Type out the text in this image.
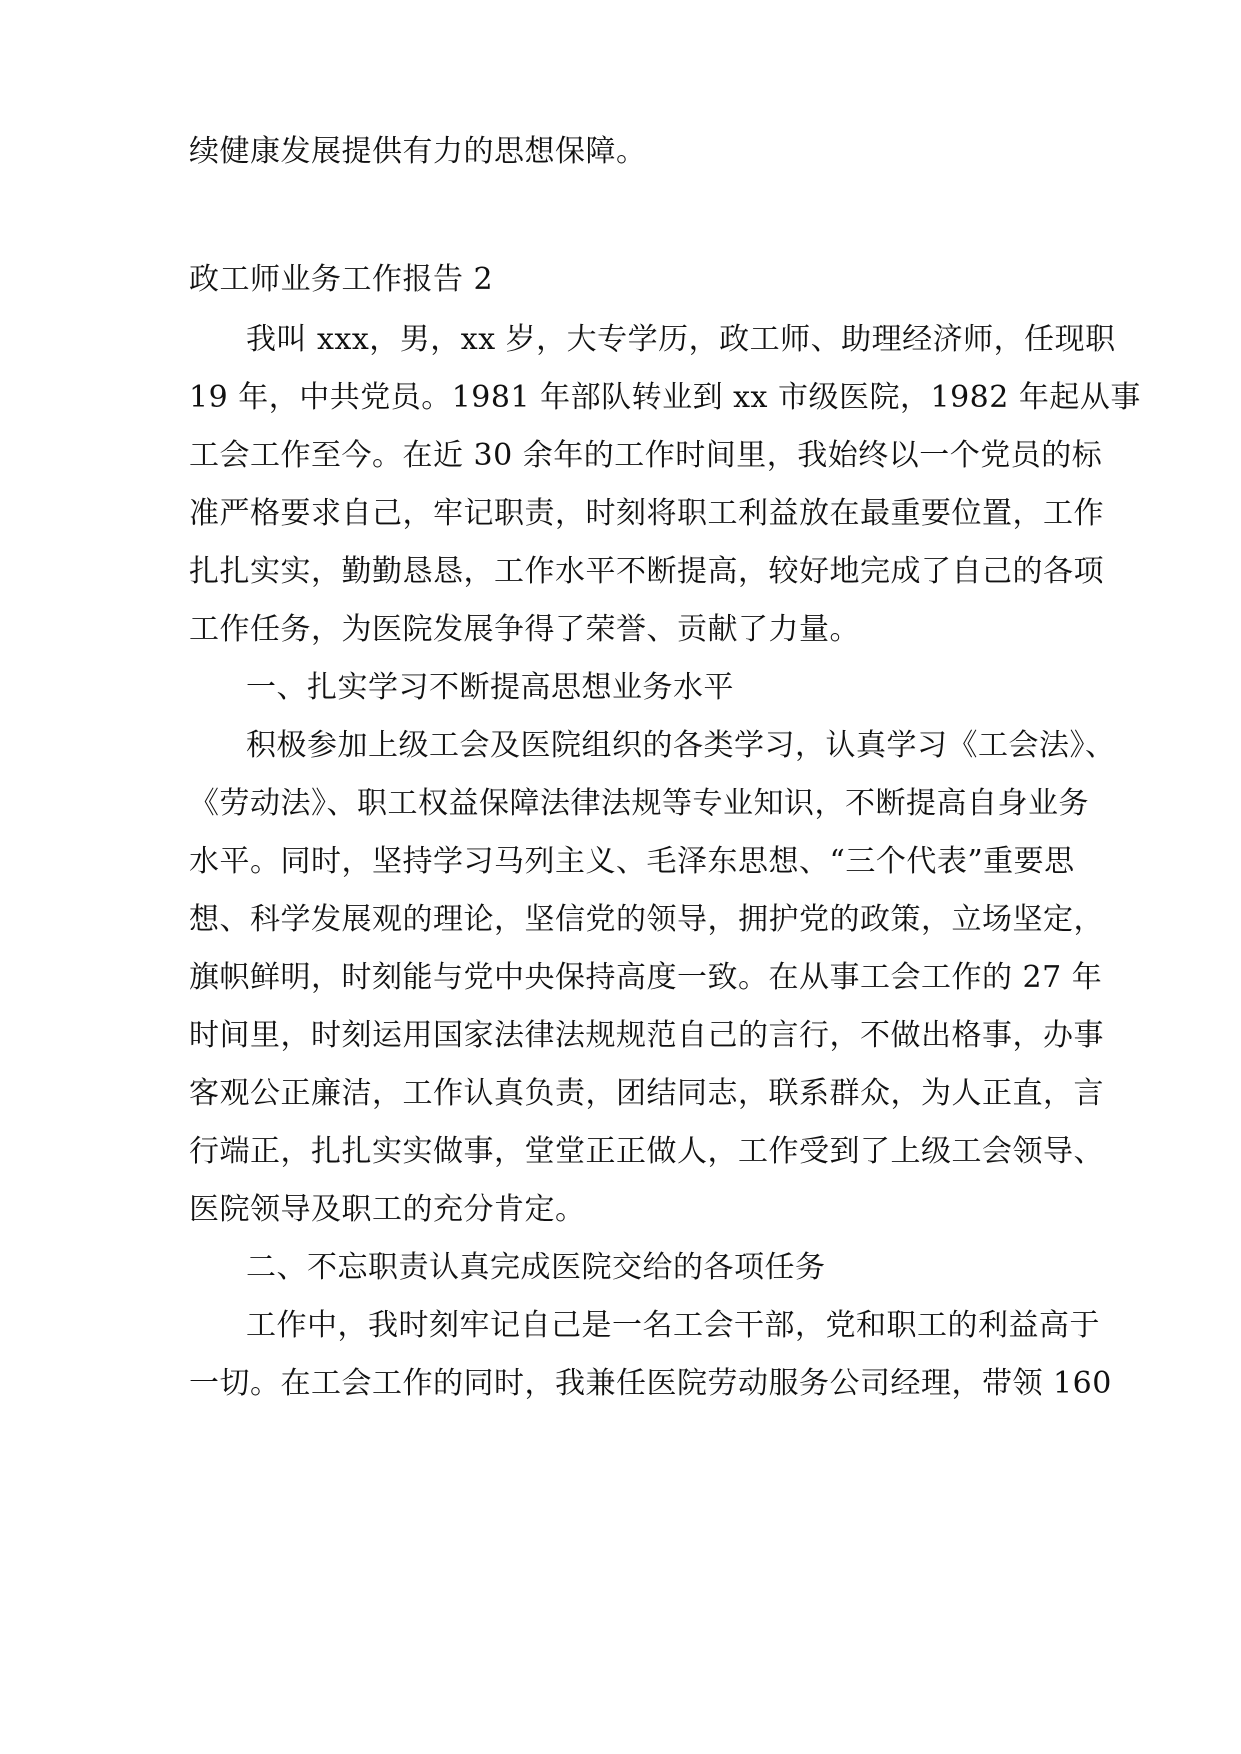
续健康发展提供有力的思想保障。
政工师业务工作报告 2
我叫 xxx，男，xx 岁，大专学历，政工师、助理经济师，任现职
19 年，中共党员。1981 年部队转业到 xx 市级医院，1982 年起从事
工会工作至今。在近 30 余年的工作时间里，我始终以一个党员的标
准严格要求自己，牢记职责，时刻将职工利益放在最重要位置，工作
扎扎实实，勤勤恳恳，工作水平不断提高，较好地完成了自己的各项
工作任务，为医院发展争得了荣誉、贡献了力量。
一、扎实学习不断提高思想业务水平
积极参加上级工会及医院组织的各类学习，认真学习《工会法》、
《劳动法》、职工权益保障法律法规等专业知识，不断提高自身业务
水平。同时，坚持学习马列主义、毛泽东思想、“三个代表”重要思
想、科学发展观的理论，坚信党的领导，拥护党的政策，立场坚定，
旗帜鲜明，时刻能与党中央保持高度一致。在从事工会工作的 27 年
时间里，时刻运用国家法律法规规范自己的言行，不做出格事，办事
客观公正廉洁，工作认真负责，团结同志，联系群众，为人正直，言
行端正，扎扎实实做事，堂堂正正做人，工作受到了上级工会领导、
医院领导及职工的充分肯定。
二、不忘职责认真完成医院交给的各项任务
工作中，我时刻牢记自己是一名工会干部，党和职工的利益高于
一切。在工会工作的同时，我兼任医院劳动服务公司经理，带领 160
